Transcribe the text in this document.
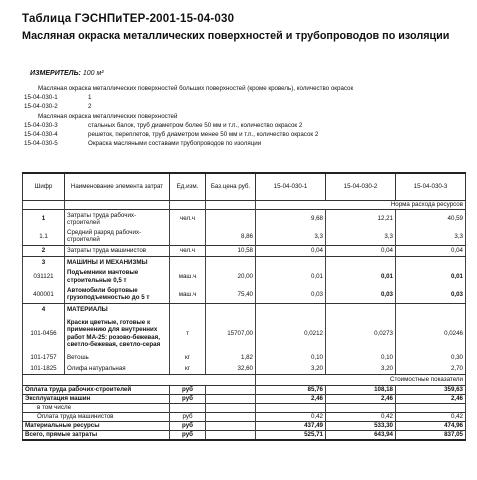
Таблица ГЭСНПиТЕР-2001-15-04-030
Масляная окраска металлических поверхностей и трубопроводов по изоляции
ИЗМЕРИТЕЛЬ: 100 м²
Масляная окраска металлических поверхностей больших поверхностей (кроме кровель), количество окрасок
15-04-030-1	1
15-04-030-2	2
Масляная окраска металлических поверхностей
15-04-030-3	стальных балок, труб диаметром более 50 мм и т.п., количество окрасок 2
15-04-030-4	решеток, переплетов, труб диаметром менее 50 мм и т.п., количество окрасок 2
15-04-030-5	Окраска масляными составами трубопроводов по изоляции
Шифр	Наименование элемента затрат	Ед.изм.	Баз.цена руб.	15-04-030-1	15-04-030-2	15-04-030-3
				Норма расхода ресурсов		
1	Затраты труда рабочих-строителей	чел.ч		9,68	12,21	40,59
1.1	Средний разряд рабочих-строителей		8,86	3,3	3,3	3,3
2	Затраты труда машинистов	чел.ч	10,58	0,04	0,04	0,04
3	МАШИНЫ И МЕХАНИЗМЫ					
031121	Подъемники мачтовые строительные 0,5 т	маш.ч	20,00	0,01	0,01	0,01
400001	Автомобили бортовые грузоподъемностью до 5 т	маш.ч	75,40	0,03	0,03	0,03
4	МАТЕРИАЛЫ					
101-0456	Краски цветные, готовые к применению для внутренних работ МА-25: розово-бежевая, светло-бежевая, светло-серая	т	15707,00	0,0212	0,0273	0,0246
101-1757	Ветошь	кг	1,82	0,10	0,10	0,30
101-1825	Олифа натуральная	кг	32,60	3,20	3,20	2,70
				Стоимостные показатели		
Оплата труда рабочих-строителей		руб		85,76	108,18	359,63
Эксплуатация машин		руб		2,46	2,46	2,46
в том числе						
Оплата труда машинистов		руб		0,42	0,42	0,42
Материальные ресурсы		руб		437,49	533,30	474,96
Всего, прямые затраты		руб		525,71	643,94	837,05
